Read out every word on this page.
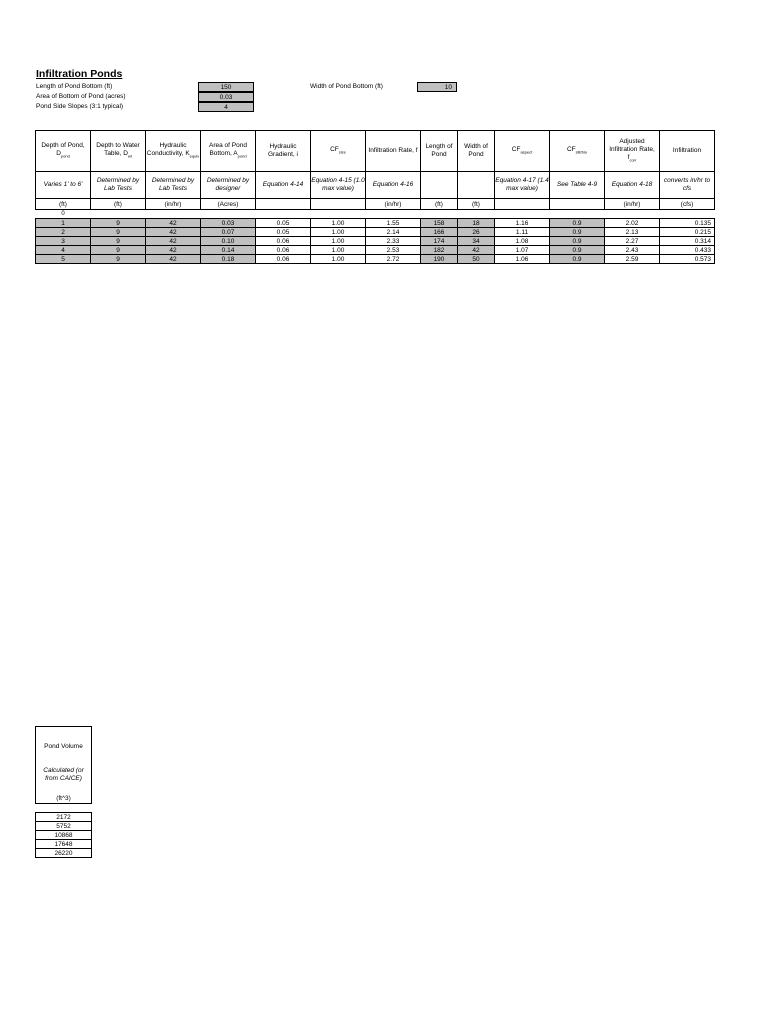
Infiltration Ponds
Length of Pond Bottom (ft)	150
Area of Bottom of Pond (acres)	0.03
Pond Side Slopes (3:1 typical)	4
Width of Pond Bottom (ft)	10
Depth of Pond, $D_{pond}$	Depth to Water Table, $D_{wt}$	Hydraulic Conductivity, $K_{equiv}$	Area of Pond Bottom, $A_{pond}$	Hydraulic Gradient, i	$CF_{size}$	Infiltration Rate, f	Length of Pond	Width of Pond	$CF_{aspect}$	$CF_{silt/bio}$	Adjusted Infiltration Rate, $f_{corr}$	Infiltration
Varies 1' to 6'	Determined by Lab Tests	Determined by Lab Tests	Determined by designer	Equation 4-14	Equation 4-15 (1.0 max value)	Equation 4-16			Equation 4-17 (1.4 max value)	See Table 4-9	Equation 4-18	converts in/hr to cfs
(ft)	(ft)	(in/hr)	(Acres)			(in/hr)	(ft)	(ft)			(in/hr)	(cfs)
0												
1	9	42	0.03	0.05	1.00	1.55	158	18	1.16	0.9	2.02	0.135
2	9	42	0.07	0.05	1.00	2.14	166	26	1.11	0.9	2.13	0.215
3	9	42	0.10	0.06	1.00	2.33	174	34	1.08	0.9	2.27	0.314
4	9	42	0.14	0.06	1.00	2.53	182	42	1.07	0.9	2.43	0.433
5	9	42	0.18	0.06	1.00	2.72	190	50	1.06	0.9	2.59	0.573
Pond Volume
Calculated (or from CAICE)
(ft^3)
2172
5752
10868
17648
26220
